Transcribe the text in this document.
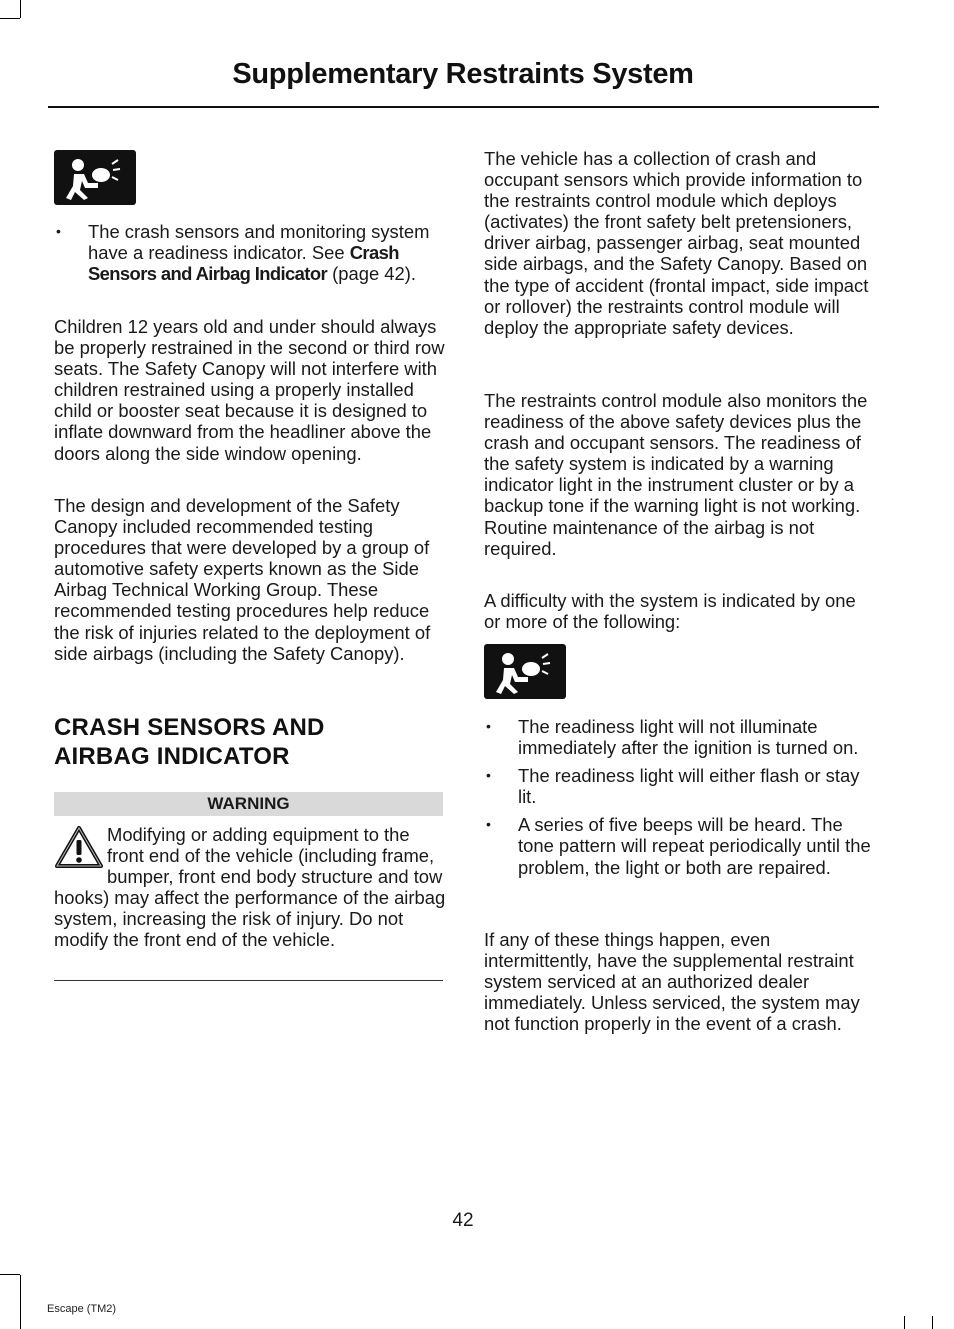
Supplementary Restraints System
• The crash sensors and monitoring system have a readiness indicator. See Crash Sensors and Airbag Indicator (page 42).

Children 12 years old and under should always be properly restrained in the second or third row seats. The Safety Canopy will not interfere with children restrained using a properly installed child or booster seat because it is designed to inflate downward from the headliner above the doors along the side window opening.

The design and development of the Safety Canopy included recommended testing procedures that were developed by a group of automotive safety experts known as the Side Airbag Technical Working Group. These recommended testing procedures help reduce the risk of injuries related to the deployment of side airbags (including the Safety Canopy).

CRASH SENSORS AND
AIRBAG INDICATOR
WARNING

Modifying or adding equipment to the front end of the vehicle (including frame, bumper, front end body structure and tow hooks) may affect the performance of the airbag system, increasing the risk of injury. Do not modify the front end of the vehicle.

The vehicle has a collection of crash and occupant sensors which provide information to the restraints control module which deploys (activates) the front safety belt pretensioners, driver airbag, passenger airbag, seat mounted side airbags, and the Safety Canopy. Based on the type of accident (frontal impact, side impact or rollover) the restraints control module will deploy the appropriate safety devices.

The restraints control module also monitors the readiness of the above safety devices plus the crash and occupant sensors. The readiness of the safety system is indicated by a warning indicator light in the instrument cluster or by a backup tone if the warning light is not working. Routine maintenance of the airbag is not required.

A difficulty with the system is indicated by one or more of the following:

• The readiness light will not illuminate immediately after the ignition is turned on.
• The readiness light will either flash or stay lit.
• A series of five beeps will be heard. The tone pattern will repeat periodically until the problem, the light or both are repaired.

If any of these things happen, even intermittently, have the supplemental restraint system serviced at an authorized dealer immediately. Unless serviced, the system may not function properly in the event of a crash.

42
Escape (TM2)
